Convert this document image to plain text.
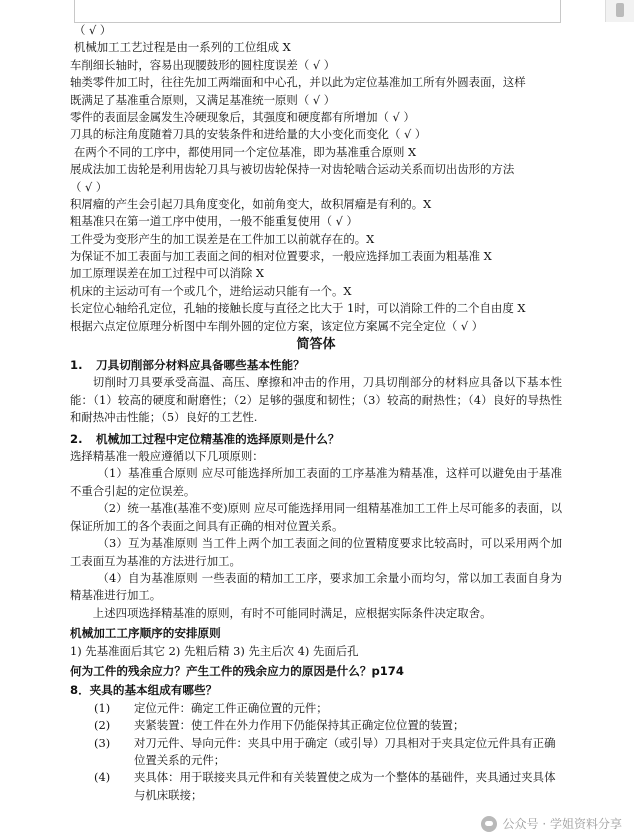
（ √ ）
机械加工工艺过程是由一系列的工位组成 X
车削细长轴时，容易出现腰鼓形的圆柱度误差（ √ ）
轴类零件加工时，往往先加工两端面和中心孔，并以此为定位基准加工所有外圆表面，这样
既满足了基准重合原则，又满足基准统一原则（ √ ）
零件的表面层金属发生冷硬现象后，其强度和硬度都有所增加（ √ ）
刀具的标注角度随着刀具的安装条件和进给量的大小变化而变化（ √ ）
在两个不同的工序中，都使用同一个定位基准，即为基准重合原则 X
展成法加工齿轮是利用齿轮刀具与被切齿轮保持一对齿轮啮合运动关系而切出齿形的方法
（ √ ）
积屑瘤的产生会引起刀具角度变化，如前角变大，故积屑瘤是有利的。X
粗基准只在第一道工序中使用，一般不能重复使用（ √ ）
工件受为变形产生的加工误差是在工件加工以前就存在的。X
为保证不加工表面与加工表面之间的相对位置要求，一般应选择加工表面为粗基准 X
加工原理误差在加工过程中可以消除 X
机床的主运动可有一个或几个，进给运动只能有一个。X
长定位心轴给孔定位，孔轴的接触长度与直径之比大于 1时，可以消除工件的二个自由度 X
根据六点定位原理分析图中车削外圆的定位方案，该定位方案属不完全定位（ √ ）
简答体
1. 刀具切削部分材料应具备哪些基本性能？
切削时刀具要承受高温、高压、摩擦和冲击的作用，刀具切削部分的材料应具备以下基本性能：（1）较高的硬度和耐磨性；（2）足够的强度和韧性；（3）较高的耐热性；（4）良好的导热性和耐热冲击性能；（5）良好的工艺性.
2. 机械加工过程中定位精基准的选择原则是什么？
选择精基准一般应遵循以下几项原则：
（1）基准重合原则 应尽可能选择所加工表面的工序基准为精基准，这样可以避免由于基准不重合引起的定位误差。
（2）统一基准(基准不变)原则 应尽可能选择用同一组精基准加工工件上尽可能多的表面，以保证所加工的各个表面之间具有正确的相对位置关系。
（3）互为基准原则 当工件上两个加工表面之间的位置精度要求比较高时，可以采用两个加工表面互为基准的方法进行加工。
（4）自为基准原则 一些表面的精加工工序，要求加工余量小而均匀，常以加工表面自身为精基准进行加工。
上述四项选择精基准的原则，有时不可能同时满足，应根据实际条件决定取舍。
机械加工工序顺序的安排原则
1) 先基准面后其它 2) 先粗后精 3) 先主后次 4) 先面后孔
何为工件的残余应力？产生工件的残余应力的原因是什么？p174
8．夹具的基本组成有哪些？
(1)	定位元件：确定工件正确位置的元件；
(2)	夹紧装置：使工件在外力作用下仍能保持其正确定位位置的装置；
(3)	对刀元件、导向元件：夹具中用于确定（或引导）刀具相对于夹具定位元件具有正确位置关系的元件；
(4)	夹具体：用于联接夹具元件和有关装置使之成为一个整体的基础件，夹具通过夹具体与机床联接；
公众号 · 学姐资料分享
